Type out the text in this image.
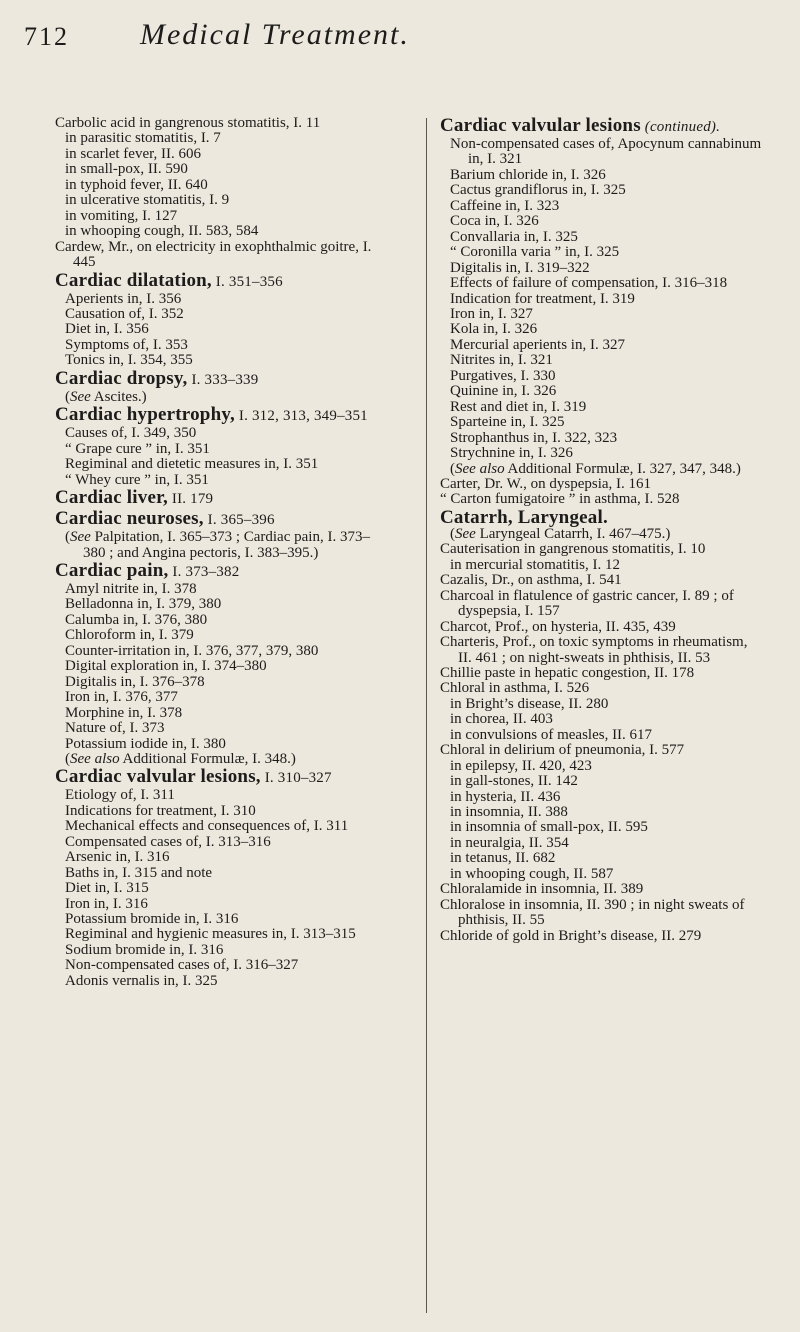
712 Medical Treatment.
Carbolic acid in gangrenous stomatitis, I. 11
in parasitic stomatitis, I. 7
in scarlet fever, II. 606
in small-pox, II. 590
in typhoid fever, II. 640
in ulcerative stomatitis, I. 9
in vomiting, I. 127
in whooping cough, II. 583, 584
Cardew, Mr., on electricity in exophthalmic goitre, I. 445
Cardiac dilatation, I. 351–356
Aperients in, I. 356
Causation of, I. 352
Diet in, I. 356
Symptoms of, I. 353
Tonics in, I. 354, 355
Cardiac dropsy, I. 333–339
(See Ascites.)
Cardiac hypertrophy, I. 312, 313, 349–351
Causes of, I. 349, 350
“ Grape cure ” in, I. 351
Regiminal and dietetic measures in, I. 351
“ Whey cure ” in, I. 351
Cardiac liver, II. 179
Cardiac neuroses, I. 365–396
(See Palpitation, I. 365–373 ; Cardiac pain, I. 373–380 ; and Angina pectoris, I. 383–395.)
Cardiac pain, I. 373–382
Amyl nitrite in, I. 378
Belladonna in, I. 379, 380
Calumba in, I. 376, 380
Chloroform in, I. 379
Counter-irritation in, I. 376, 377, 379, 380
Digital exploration in, I. 374–380
Digitalis in, I. 376–378
Iron in, I. 376, 377
Morphine in, I. 378
Nature of, I. 373
Potassium iodide in, I. 380
(See also Additional Formulæ, I. 348.)
Cardiac valvular lesions, I. 310–327
Etiology of, I. 311
Indications for treatment, I. 310
Mechanical effects and consequences of, I. 311
Compensated cases of, I. 313–316
Arsenic in, I. 316
Baths in, I. 315 and note
Diet in, I. 315
Iron in, I. 316
Potassium bromide in, I. 316
Regiminal and hygienic measures in, I. 313–315
Sodium bromide in, I. 316
Non-compensated cases of, I. 316–327
Adonis vernalis in, I. 325
Cardiac valvular lesions (continued).
Non-compensated cases of, Apocynum cannabinum in, I. 321
Barium chloride in, I. 326
Cactus grandiflorus in, I. 325
Caffeine in, I. 323
Coca in, I. 326
Convallaria in, I. 325
“ Coronilla varia ” in, I. 325
Digitalis in, I. 319–322
Effects of failure of compensation, I. 316–318
Indication for treatment, I. 319
Iron in, I. 327
Kola in, I. 326
Mercurial aperients in, I. 327
Nitrites in, I. 321
Purgatives, I. 330
Quinine in, I. 326
Rest and diet in, I. 319
Sparteine in, I. 325
Strophanthus in, I. 322, 323
Strychnine in, I. 326
(See also Additional Formulæ, I. 327, 347, 348.)
Carter, Dr. W., on dyspepsia, I. 161
“ Carton fumigatoire ” in asthma, I. 528
Catarrh, Laryngeal.
(See Laryngeal Catarrh, I. 467–475.)
Cauterisation in gangrenous stomatitis, I. 10
in mercurial stomatitis, I. 12
Cazalis, Dr., on asthma, I. 541
Charcoal in flatulence of gastric cancer, I. 89 ; of dyspepsia, I. 157
Charcot, Prof., on hysteria, II. 435, 439
Charteris, Prof., on toxic symptoms in rheumatism, II. 461 ; on night-sweats in phthisis, II. 53
Chillie paste in hepatic congestion, II. 178
Chloral in asthma, I. 526
in Bright’s disease, II. 280
in chorea, II. 403
in convulsions of measles, II. 617
Chloral in delirium of pneumonia, I. 577
in epilepsy, II. 420, 423
in gall-stones, II. 142
in hysteria, II. 436
in insomnia, II. 388
in insomnia of small-pox, II. 595
in neuralgia, II. 354
in tetanus, II. 682
in whooping cough, II. 587
Chloralamide in insomnia, II. 389
Chloralose in insomnia, II. 390 ; in night sweats of phthisis, II. 55
Chloride of gold in Bright’s disease, II. 279
